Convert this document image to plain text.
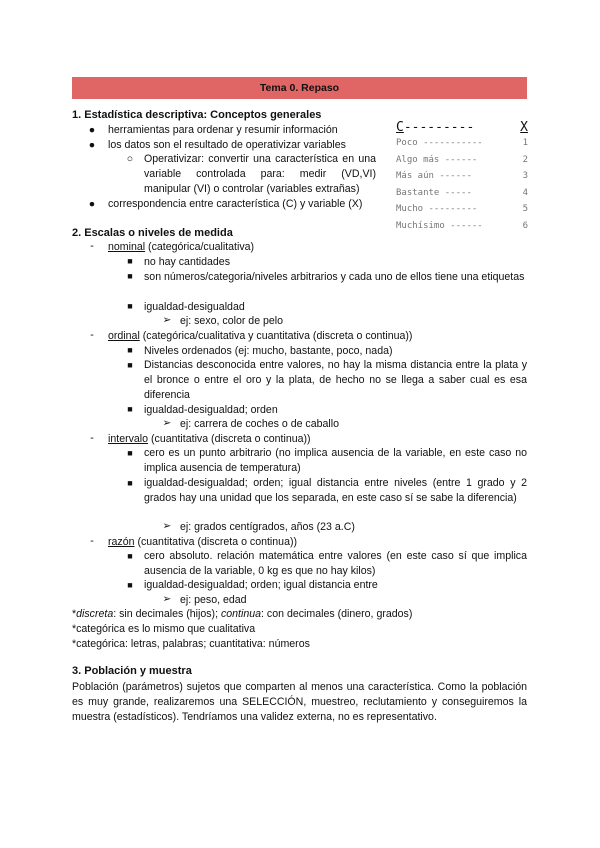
Tema 0. Repaso
1. Estadística descriptiva: Conceptos generales
● herramientas para ordenar y resumir información
● los datos son el resultado de operativizar variables
○ Operativizar: convertir una característica en una variable controlada para: medir (VD,VI) manipular (VI) o controlar (variables extrañas)
● correspondencia entre característica (C) y variable (X)
C---------	X
Poco -----------	1
Algo más ------	2
Más aún ------	3
Bastante -----	4
Mucho ---------	5
Muchísimo ------	6
2. Escalas o niveles de medida
-	nominal (categórica/cualitativa)
■	no hay cantidades
■	son números/categoria/niveles arbitrarios y cada uno de ellos tiene una etiquetas
■	igualdad-desigualdad
➢ ej: sexo, color de pelo
-	ordinal (categórica/cualitativa y cuantitativa (discreta o continua))
■	Niveles ordenados (ej: mucho, bastante, poco, nada)
■	Distancias desconocida entre valores, no hay la misma distancia entre la plata y el bronce o entre el oro y la plata, de hecho no se llega a saber cual es esa diferencia
■	igualdad-desigualdad; orden
➢ ej: carrera de coches o de caballo
-	intervalo (cuantitativa (discreta o continua))
■	cero es un punto arbitrario (no implica ausencia de la variable, en este caso no implica ausencia de temperatura)
■	igualdad-desigualdad; orden; igual distancia entre niveles (entre 1 grado y 2 grados hay una unidad que los separada, en este caso sí se sabe la diferencia)
➢ ej: grados centígrados, años (23 a.C)
-	razón (cuantitativa (discreta o continua))
■	cero absoluto. relación matemática entre valores (en este caso sí que implica ausencia de la variable, 0 kg es que no hay kilos)
■	igualdad-desigualdad; orden; igual distancia entre
➢ ej: peso, edad
*discreta: sin decimales (hijos); continua: con decimales (dinero, grados)
*categórica es lo mismo que cualitativa
*categórica: letras, palabras; cuantitativa: números
3. Población y muestra
Población (parámetros) sujetos que comparten al menos una característica. Como la población es muy grande, realizaremos una SELECCIÓN, muestreo, reclutamiento y conseguiremos la muestra (estadísticos). Tendríamos una validez externa, no es representativo.
